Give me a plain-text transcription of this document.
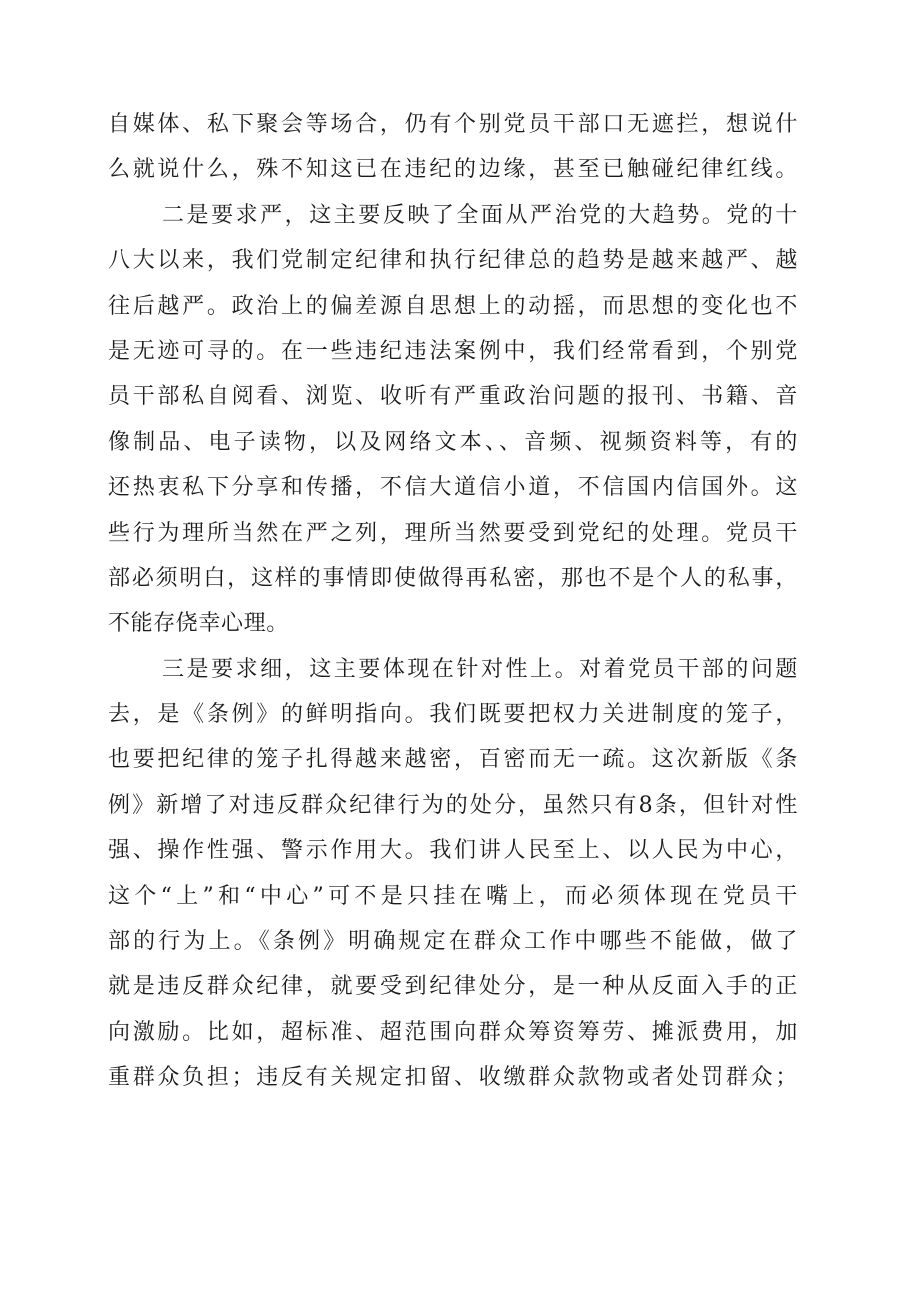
自媒体、私下聚会等场合，仍有个别党员干部口无遮拦，想说什
么就说什么，殊不知这已在违纪的边缘，甚至已触碰纪律红线。
二是要求严，这主要反映了全面从严治党的大趋势。党的十
八大以来，我们党制定纪律和执行纪律总的趋势是越来越严、越
往后越严。政治上的偏差源自思想上的动摇，而思想的变化也不
是无迹可寻的。在一些违纪违法案例中，我们经常看到，个别党
员干部私自阅看、浏览、收听有严重政治问题的报刊、书籍、音
像制品、电子读物，以及网络文本、、音频、视频资料等，有的
还热衷私下分享和传播，不信大道信小道，不信国内信国外。这
些行为理所当然在严之列，理所当然要受到党纪的处理。党员干
部必须明白，这样的事情即使做得再私密，那也不是个人的私事，
不能存侥幸心理。
三是要求细，这主要体现在针对性上。对着党员干部的问题
去，是《条例》的鲜明指向。我们既要把权力关进制度的笼子，
也要把纪律的笼子扎得越来越密，百密而无一疏。这次新版《条
例》新增了对违反群众纪律行为的处分，虽然只有8条，但针对性
强、操作性强、警示作用大。我们讲人民至上、以人民为中心，
这个“上”和“中心”可不是只挂在嘴上，而必须体现在党员干
部的行为上。《条例》明确规定在群众工作中哪些不能做，做了
就是违反群众纪律，就要受到纪律处分，是一种从反面入手的正
向激励。比如，超标准、超范围向群众筹资筹劳、摊派费用，加
重群众负担；违反有关规定扣留、收缴群众款物或者处罚群众；
